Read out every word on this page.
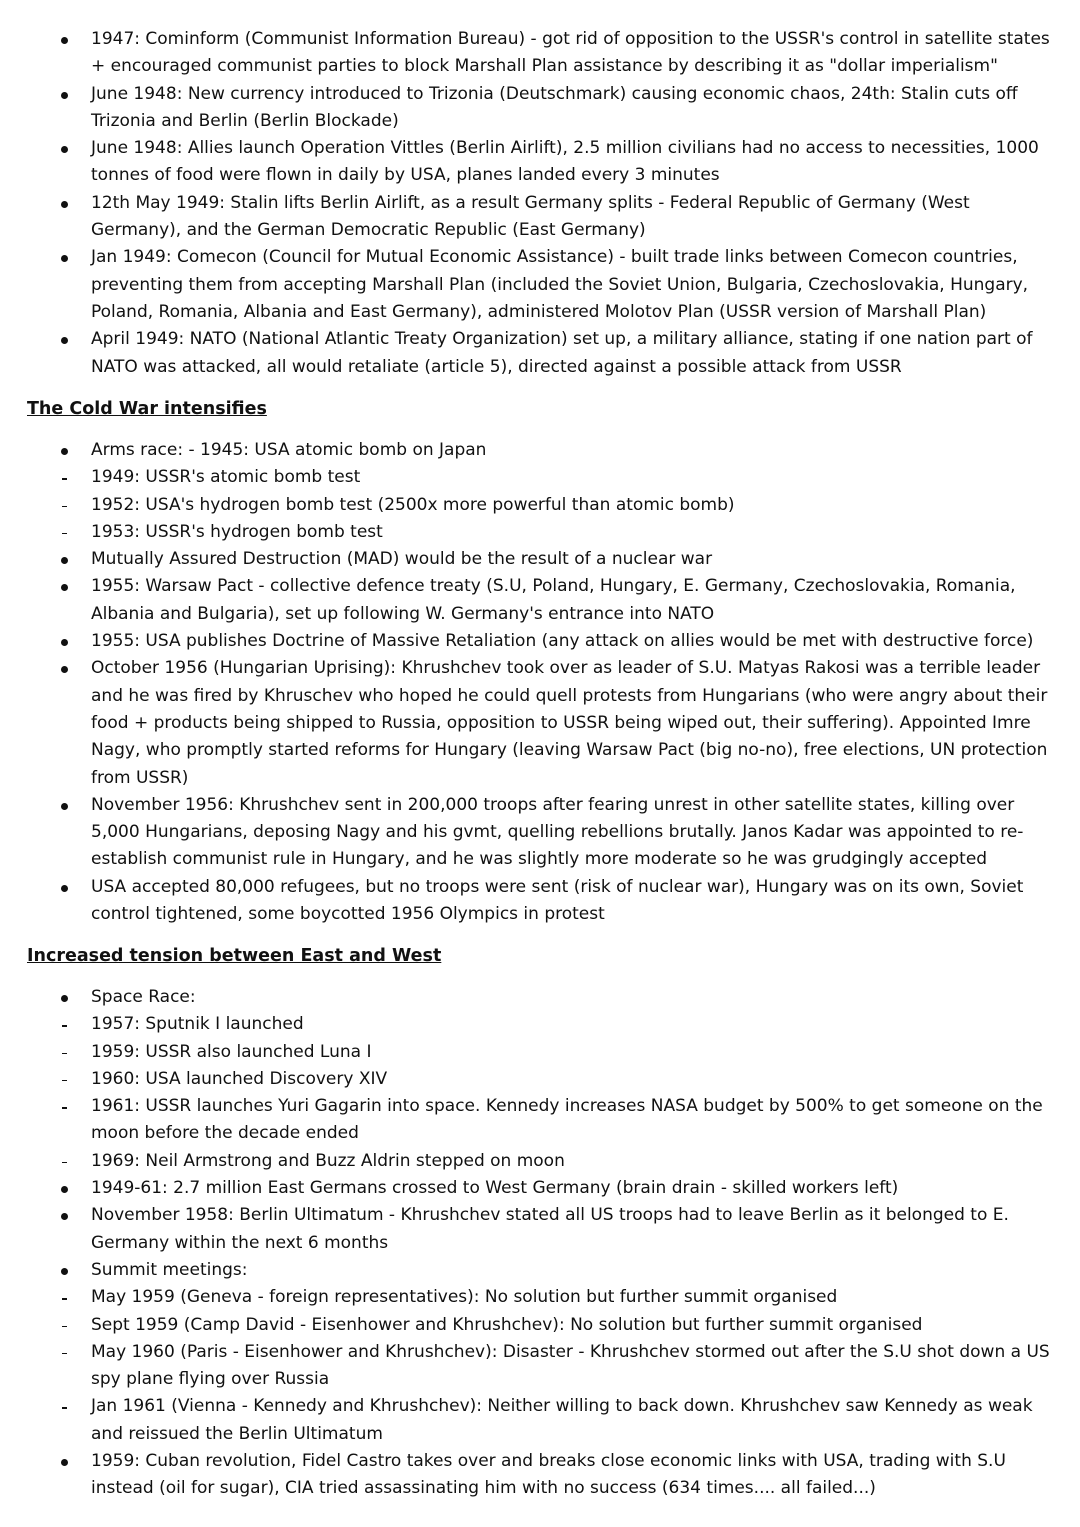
1947: Cominform (Communist Information Bureau) - got rid of opposition to the USSR's control in satellite states + encouraged communist parties to block Marshall Plan assistance by describing it as "dollar imperialism"
June 1948: New currency introduced to Trizonia (Deutschmark) causing economic chaos, 24th: Stalin cuts off Trizonia and Berlin (Berlin Blockade)
June 1948: Allies launch Operation Vittles (Berlin Airlift), 2.5 million civilians had no access to necessities, 1000 tonnes of food were flown in daily by USA, planes landed every 3 minutes
12th May 1949: Stalin lifts Berlin Airlift, as a result Germany splits - Federal Republic of Germany (West Germany), and the German Democratic Republic (East Germany)
Jan 1949: Comecon (Council for Mutual Economic Assistance) - built trade links between Comecon countries, preventing them from accepting Marshall Plan (included the Soviet Union, Bulgaria, Czechoslovakia, Hungary, Poland, Romania, Albania and East Germany), administered Molotov Plan (USSR version of Marshall Plan)
April 1949: NATO (National Atlantic Treaty Organization) set up, a military alliance, stating if one nation part of NATO was attacked, all would retaliate (article 5), directed against a possible attack from USSR
The Cold War intensifies
Arms race: - 1945: USA atomic bomb on Japan
1949: USSR's atomic bomb test
1952: USA's hydrogen bomb test (2500x more powerful than atomic bomb)
1953: USSR's hydrogen bomb test
Mutually Assured Destruction (MAD) would be the result of a nuclear war
1955: Warsaw Pact - collective defence treaty (S.U, Poland, Hungary, E. Germany, Czechoslovakia, Romania, Albania and Bulgaria), set up following W. Germany's entrance into NATO
1955: USA publishes Doctrine of Massive Retaliation (any attack on allies would be met with destructive force)
October 1956 (Hungarian Uprising): Khrushchev took over as leader of S.U. Matyas Rakosi was a terrible leader and he was fired by Khruschev who hoped he could quell protests from Hungarians (who were angry about their food + products being shipped to Russia, opposition to USSR being wiped out, their suffering). Appointed Imre Nagy, who promptly started reforms for Hungary (leaving Warsaw Pact (big no-no), free elections, UN protection from USSR)
November 1956: Khrushchev sent in 200,000 troops after fearing unrest in other satellite states, killing over 5,000 Hungarians, deposing Nagy and his gvmt, quelling rebellions brutally. Janos Kadar was appointed to re-establish communist rule in Hungary, and he was slightly more moderate so he was grudgingly accepted
USA accepted 80,000 refugees, but no troops were sent (risk of nuclear war), Hungary was on its own, Soviet control tightened, some boycotted 1956 Olympics in protest
Increased tension between East and West
Space Race:
1957: Sputnik I launched
1959: USSR also launched Luna I
1960: USA launched Discovery XIV
1961: USSR launches Yuri Gagarin into space. Kennedy increases NASA budget by 500% to get someone on the moon before the decade ended
1969: Neil Armstrong and Buzz Aldrin stepped on moon
1949-61: 2.7 million East Germans crossed to West Germany (brain drain - skilled workers left)
November 1958: Berlin Ultimatum - Khrushchev stated all US troops had to leave Berlin as it belonged to E. Germany within the next 6 months
Summit meetings:
May 1959 (Geneva - foreign representatives): No solution but further summit organised
Sept 1959 (Camp David - Eisenhower and Khrushchev): No solution but further summit organised
May 1960 (Paris - Eisenhower and Khrushchev): Disaster - Khrushchev stormed out after the S.U shot down a US spy plane flying over Russia
Jan 1961 (Vienna - Kennedy and Khrushchev): Neither willing to back down. Khrushchev saw Kennedy as weak and reissued the Berlin Ultimatum
1959: Cuban revolution, Fidel Castro takes over and breaks close economic links with USA, trading with S.U instead (oil for sugar), CIA tried assassinating him with no success (634 times.... all failed...)
